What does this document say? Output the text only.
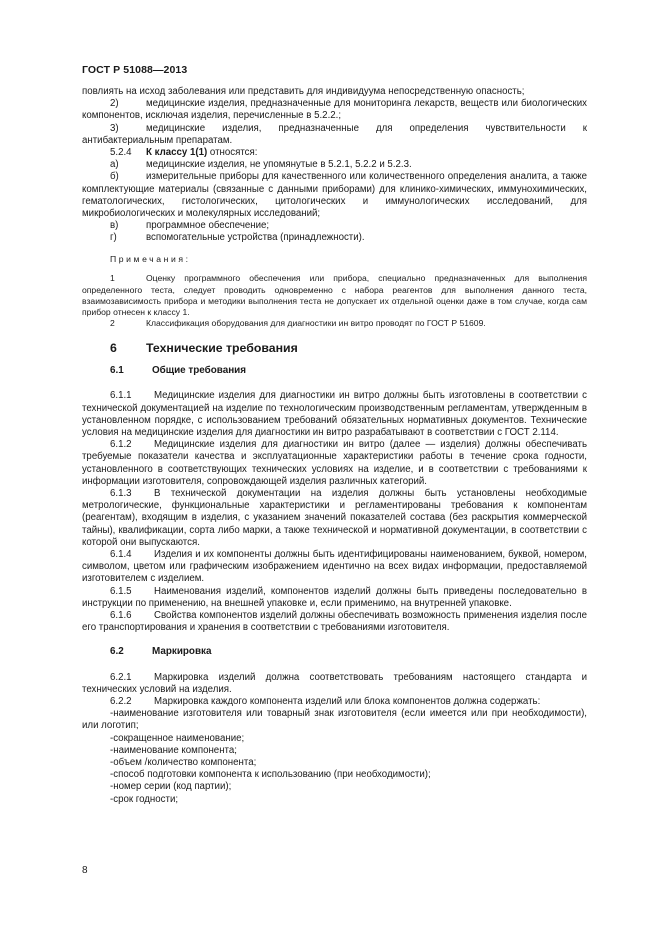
ГОСТ Р 51088—2013

повлиять на исход заболевания или представить для индивидуума непосредственную опасность;

2)	медицинские изделия, предназначенные для мониторинга лекарств, веществ или биологических компонентов, исключая изделия, перечисленные в 5.2.2.;

3)	медицинские изделия, предназначенные для определения чувствительности к антибактериальным препаратам.

5.2.4 К классу 1(1) относятся:

а)	медицинские изделия, не упомянутые в 5.2.1, 5.2.2 и 5.2.3.

б)	измерительные приборы для качественного или количественного определения аналита, а также комплектующие материалы (связанные с данными приборами) для клинико-химических, иммунохимических, гематологических, гистологических, цитологических и иммунологических исследований, для микробиологических и молекулярных исследований;

в)	программное обеспечение;

г)	вспомогательные устройства (принадлежности).

Примечания:

1	Оценку программного обеспечения или прибора, специально предназначенных для выполнения определенного теста, следует проводить одновременно с набора реагентов для выполнения данного теста, взаимозависимость прибора и методики выполнения теста не допускает их отдельной оценки даже в том случае, когда сам прибор отнесен к классу 1.

2	Классификация оборудования для диагностики ин витро проводят по ГОСТ Р 51609.

6 Технические требования
6.1	Общие требования

6.1.1 Медицинские изделия для диагностики ин витро должны быть изготовлены в соответствии с технической документацией на изделие по технологическим производственным регламентам, утвержденным в установленном порядке, с использованием требований обязательных нормативных документов. Технические условия на медицинские изделия для диагностики ин витро разрабатывают в соответствии с ГОСТ 2.114.

6.1.2 Медицинские изделия для диагностики ин витро (далее — изделия) должны обеспечивать требуемые показатели качества и эксплуатационные характеристики работы в течение срока годности, установленного в соответствующих технических условиях на изделие, и в соответствии с требованиями к информации изготовителя, сопровождающей изделия различных категорий.

6.1.3 В технической документации на изделия должны быть установлены необходимые метрологические, функциональные характеристики и регламентированы требования к компонентам (реагентам), входящим в изделия, с указанием значений показателей состава (без раскрытия коммерческой тайны), квалификации, сорта либо марки, а также технической и нормативной документации, в соответствии с которой они выпускаются.

6.1.4 Изделия и их компоненты должны быть идентифицированы наименованием, буквой, номером, символом, цветом или графическим изображением идентично на всех видах информации, предоставляемой изготовителем с изделием.

6.1.5 Наименования изделий, компонентов изделий должны быть приведены последовательно в инструкции по применению, на внешней упаковке и, если применимо, на внутренней упаковке.

6.1.6 Свойства компонентов изделий должны обеспечивать возможность применения изделия после его транспортирования и хранения в соответствии с требованиями изготовителя.

6.2	Маркировка

6.2.1 Маркировка изделий должна соответствовать требованиям настоящего стандарта и технических условий на изделия.

6.2.2 Маркировка каждого компонента изделий или блока компонентов должна содержать:

-наименование изготовителя или товарный знак изготовителя (если имеется или при необходимости), или логотип;

-сокращенное наименование;

-наименование компонента;

-объем /количество компонента;

-способ подготовки компонента к использованию (при необходимости);

-номер серии (код партии);

-срок годности;

8
